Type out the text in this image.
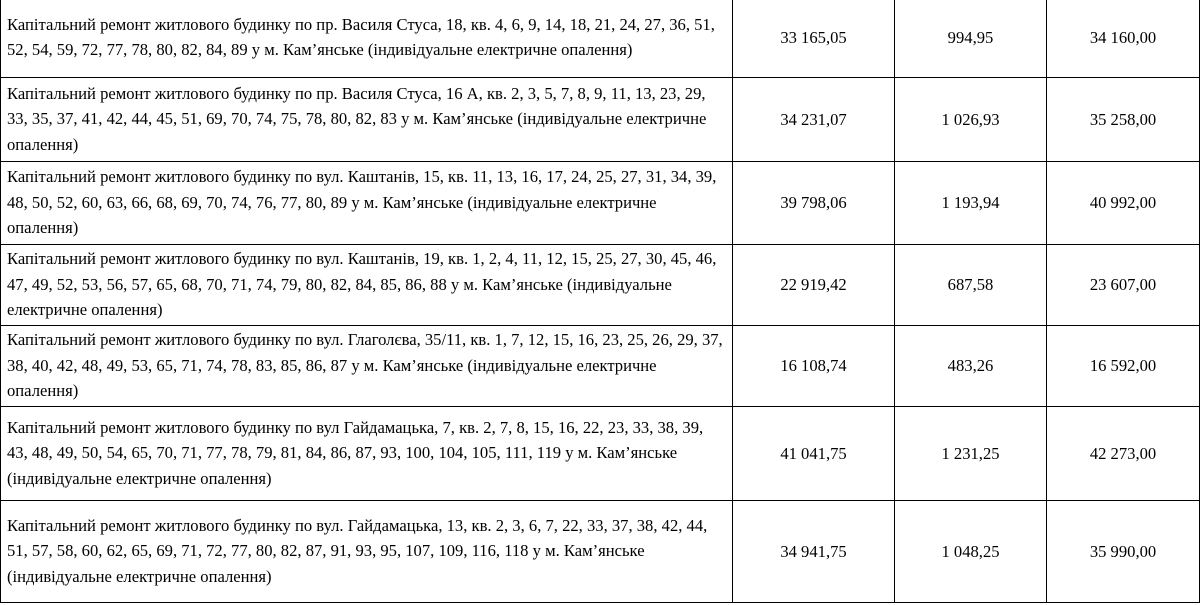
Капітальний ремонт житлового будинку по пр. Василя Стуса, 18, кв. 4, 6, 9, 14, 18, 21, 24, 27, 36, 51, 52, 54, 59, 72, 77, 78, 80, 82, 84, 89 у м. Кам’янське (індивідуальне електричне опалення)	33 165,05	994,95	34 160,00
Капітальний ремонт житлового будинку по пр. Василя Стуса, 16 А, кв. 2, 3, 5, 7, 8, 9, 11, 13, 23, 29, 33, 35, 37, 41, 42, 44, 45, 51, 69, 70, 74, 75, 78, 80, 82, 83 у м. Кам’янське (індивідуальне електричне опалення)	34 231,07	1 026,93	35 258,00
Капітальний ремонт житлового будинку по вул. Каштанів, 15, кв. 11, 13, 16, 17, 24, 25, 27, 31, 34, 39, 48, 50, 52, 60, 63, 66, 68, 69, 70, 74, 76, 77, 80, 89 у м. Кам’янське (індивідуальне електричне опалення)	39 798,06	1 193,94	40 992,00
Капітальний ремонт житлового будинку по вул. Каштанів, 19, кв. 1, 2, 4, 11, 12, 15, 25, 27, 30, 45, 46, 47, 49, 52, 53, 56, 57, 65, 68, 70, 71, 74, 79, 80, 82, 84, 85, 86, 88 у м. Кам’янське (індивідуальне електричне опалення)	22 919,42	687,58	23 607,00
Капітальний ремонт житлового будинку по вул. Глаголєва, 35/11, кв. 1, 7, 12, 15, 16, 23, 25, 26, 29, 37, 38, 40, 42, 48, 49, 53, 65, 71, 74, 78, 83, 85, 86, 87 у м. Кам’янське (індивідуальне електричне опалення)	16 108,74	483,26	16 592,00
Капітальний ремонт житлового будинку по вул Гайдамацька, 7, кв. 2, 7, 8, 15, 16, 22, 23, 33, 38, 39, 43, 48, 49, 50, 54, 65, 70, 71, 77, 78, 79, 81, 84, 86, 87, 93, 100, 104, 105, 111, 119 у м. Кам’янське (індивідуальне електричне опалення)	41 041,75	1 231,25	42 273,00
Капітальний ремонт житлового будинку по вул. Гайдамацька, 13, кв. 2, 3, 6, 7, 22, 33, 37, 38, 42, 44, 51, 57, 58, 60, 62, 65, 69, 71, 72, 77, 80, 82, 87, 91, 93, 95, 107, 109, 116, 118 у м. Кам’янське (індивідуальне електричне опалення)	34 941,75	1 048,25	35 990,00
